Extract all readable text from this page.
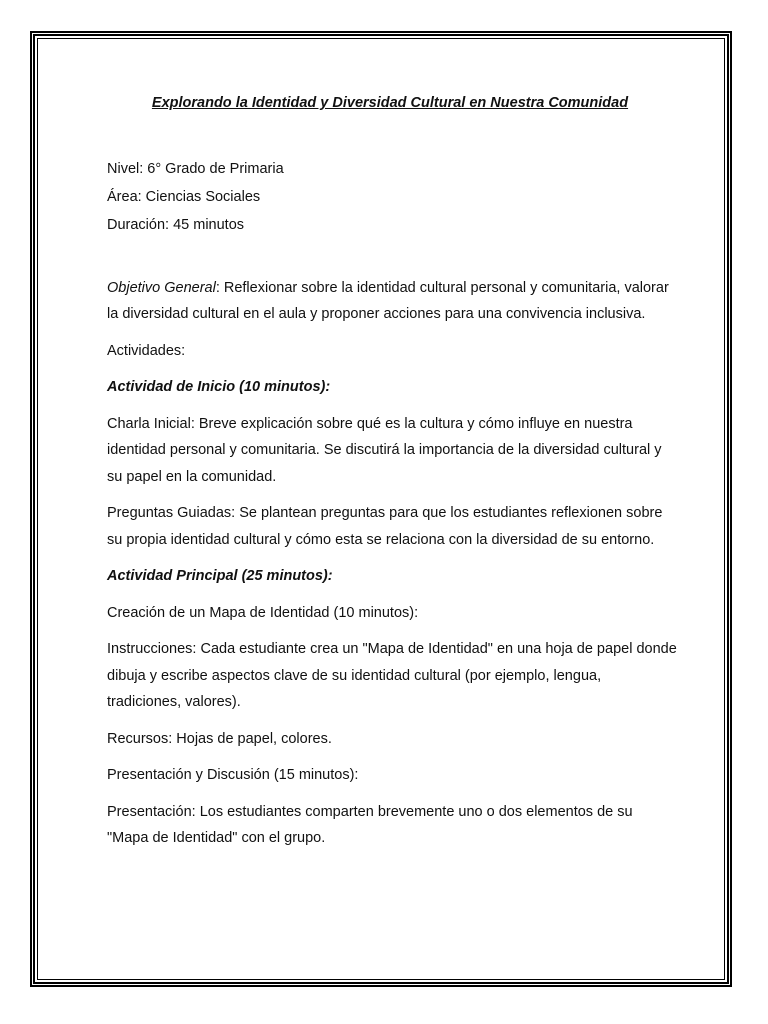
Explorando la Identidad y Diversidad Cultural en Nuestra Comunidad

Nivel: 6° Grado de Primaria

Área: Ciencias Sociales

Duración: 45 minutos

Objetivo General: Reflexionar sobre la identidad cultural personal y comunitaria, valorar la diversidad cultural en el aula y proponer acciones para una convivencia inclusiva.

Actividades:

Actividad de Inicio (10 minutos):

Charla Inicial: Breve explicación sobre qué es la cultura y cómo influye en nuestra identidad personal y comunitaria. Se discutirá la importancia de la diversidad cultural y su papel en la comunidad.

Preguntas Guiadas: Se plantean preguntas para que los estudiantes reflexionen sobre su propia identidad cultural y cómo esta se relaciona con la diversidad de su entorno.

Actividad Principal (25 minutos):

Creación de un Mapa de Identidad (10 minutos):

Instrucciones: Cada estudiante crea un "Mapa de Identidad" en una hoja de papel donde dibuja y escribe aspectos clave de su identidad cultural (por ejemplo, lengua, tradiciones, valores).

Recursos: Hojas de papel, colores.

Presentación y Discusión (15 minutos):

Presentación: Los estudiantes comparten brevemente uno o dos elementos de su "Mapa de Identidad" con el grupo.
